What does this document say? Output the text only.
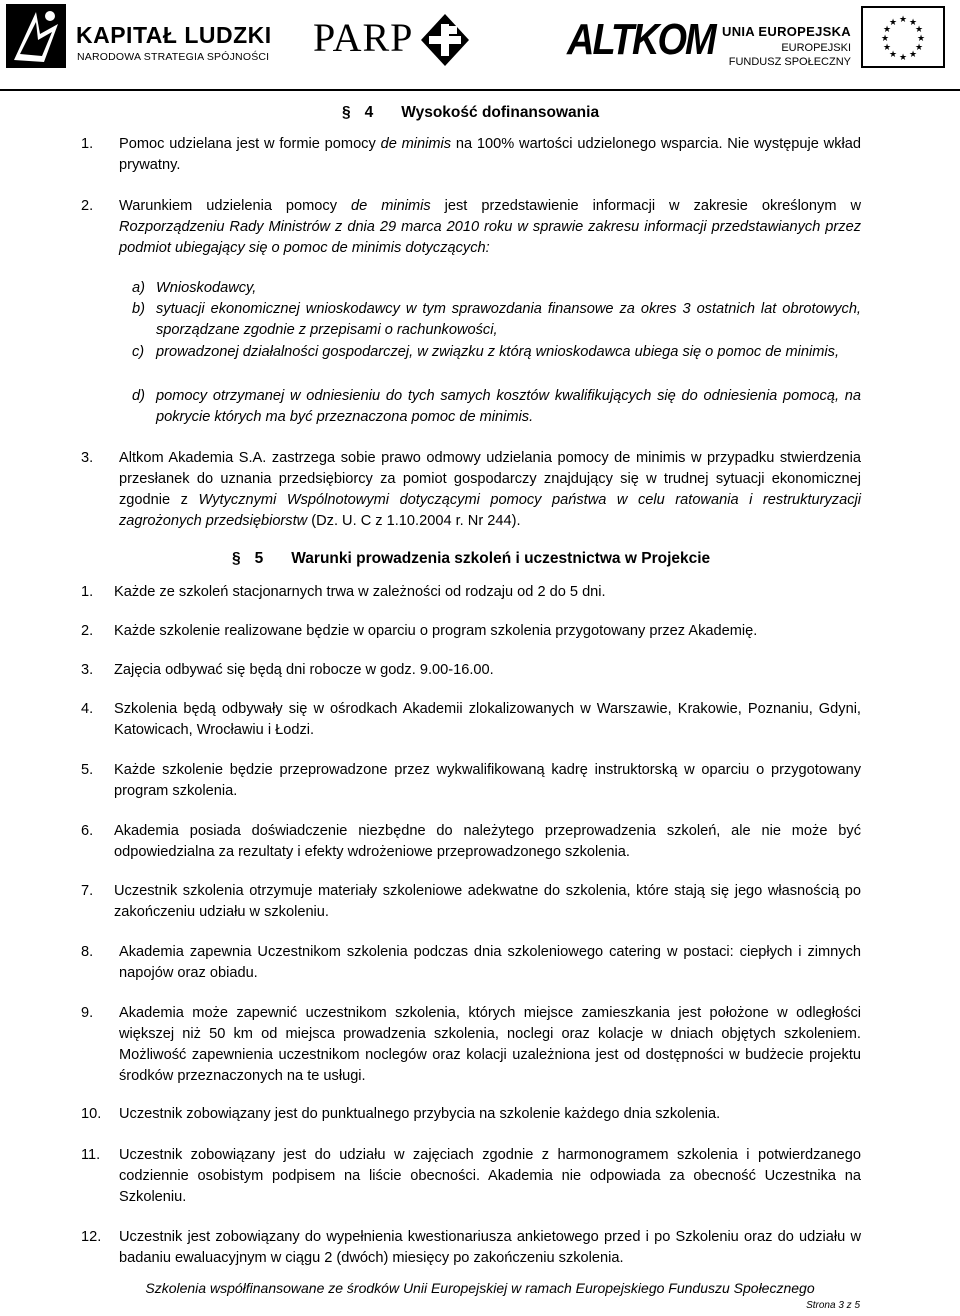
KAPITAŁ LUDZKI
NARODOWA STRATEGIA SPÓJNOŚCI PARP	ALTKOM UNIA EUROPEJSKA
EUROPEJSKI
FUNDUSZ SPOŁECZNY
★ ★
★
★
★
★
★
★
★
★
★
★
§ 4 Wysokość dofinansowania
1. Pomoc udzielana jest w formie pomocy de minimis na 100% wartości udzielonego wsparcia. Nie występuje wkład prywatny.
2. Warunkiem udzielenia pomocy de minimis jest przedstawienie informacji w zakresie określonym w Rozporządzeniu Rady Ministrów z dnia 29 marca 2010 roku w sprawie zakresu informacji przedstawianych przez podmiot ubiegający się o pomoc de minimis dotyczących:
a) Wnioskodawcy,
b) sytuacji ekonomicznej wnioskodawcy w tym sprawozdania finansowe za okres 3 ostatnich lat obrotowych, sporządzane zgodnie z przepisami o rachunkowości,
c) prowadzonej działalności gospodarczej, w związku z którą wnioskodawca ubiega się o pomoc de minimis,
d) pomocy otrzymanej w odniesieniu do tych samych kosztów kwalifikujących się do odniesienia pomocą, na pokrycie których ma być przeznaczona pomoc de minimis.
3. Altkom Akademia S.A. zastrzega sobie prawo odmowy udzielania pomocy de minimis w przypadku stwierdzenia przesłanek do uznania przedsiębiorcy za pomiot gospodarczy znajdujący się w trudnej sytuacji ekonomicznej zgodnie z Wytycznymi Wspólnotowymi dotyczącymi pomocy państwa w celu ratowania i restrukturyzacji zagrożonych przedsiębiorstw (Dz. U. C z 1.10.2004 r. Nr 244).
§ 5 Warunki prowadzenia szkoleń i uczestnictwa w Projekcie
1. Każde ze szkoleń stacjonarnych trwa w zależności od rodzaju od 2 do 5 dni.
2. Każde szkolenie realizowane będzie w oparciu o program szkolenia przygotowany przez Akademię.
3. Zajęcia odbywać się będą dni robocze w godz. 9.00-16.00.
4. Szkolenia będą odbywały się w ośrodkach Akademii zlokalizowanych w Warszawie, Krakowie, Poznaniu, Gdyni, Katowicach, Wrocławiu i Łodzi.
5. Każde szkolenie będzie przeprowadzone przez wykwalifikowaną kadrę instruktorską w oparciu o przygotowany program szkolenia.
6. Akademia posiada doświadczenie niezbędne do należytego przeprowadzenia szkoleń, ale nie może być odpowiedzialna za rezultaty i efekty wdrożeniowe przeprowadzonego szkolenia.
7. Uczestnik szkolenia otrzymuje materiały szkoleniowe adekwatne do szkolenia, które stają się jego własnością po zakończeniu udziału w szkoleniu.
8. Akademia zapewnia Uczestnikom szkolenia podczas dnia szkoleniowego catering w postaci: ciepłych i zimnych napojów oraz obiadu.
9. Akademia może zapewnić uczestnikom szkolenia, których miejsce zamieszkania jest położone w odległości większej niż 50 km od miejsca prowadzenia szkolenia, noclegi oraz kolacje w dniach objętych szkoleniem. Możliwość zapewnienia uczestnikom noclegów oraz kolacji uzależniona jest od dostępności w budżecie projektu środków przeznaczonych na te usługi.
10. Uczestnik zobowiązany jest do punktualnego przybycia na szkolenie każdego dnia szkolenia.
11. Uczestnik zobowiązany jest do udziału w zajęciach zgodnie z harmonogramem szkolenia i potwierdzanego codziennie osobistym podpisem na liście obecności. Akademia nie odpowiada za obecność Uczestnika na Szkoleniu.
12. Uczestnik jest zobowiązany do wypełnienia kwestionariusza ankietowego przed i po Szkoleniu oraz do udziału w badaniu ewaluacyjnym w ciągu 2 (dwóch) miesięcy po zakończeniu szkolenia.
Szkolenia współfinansowane ze środków Unii Europejskiej w ramach Europejskiego Funduszu Społecznego
Strona 3 z 5
